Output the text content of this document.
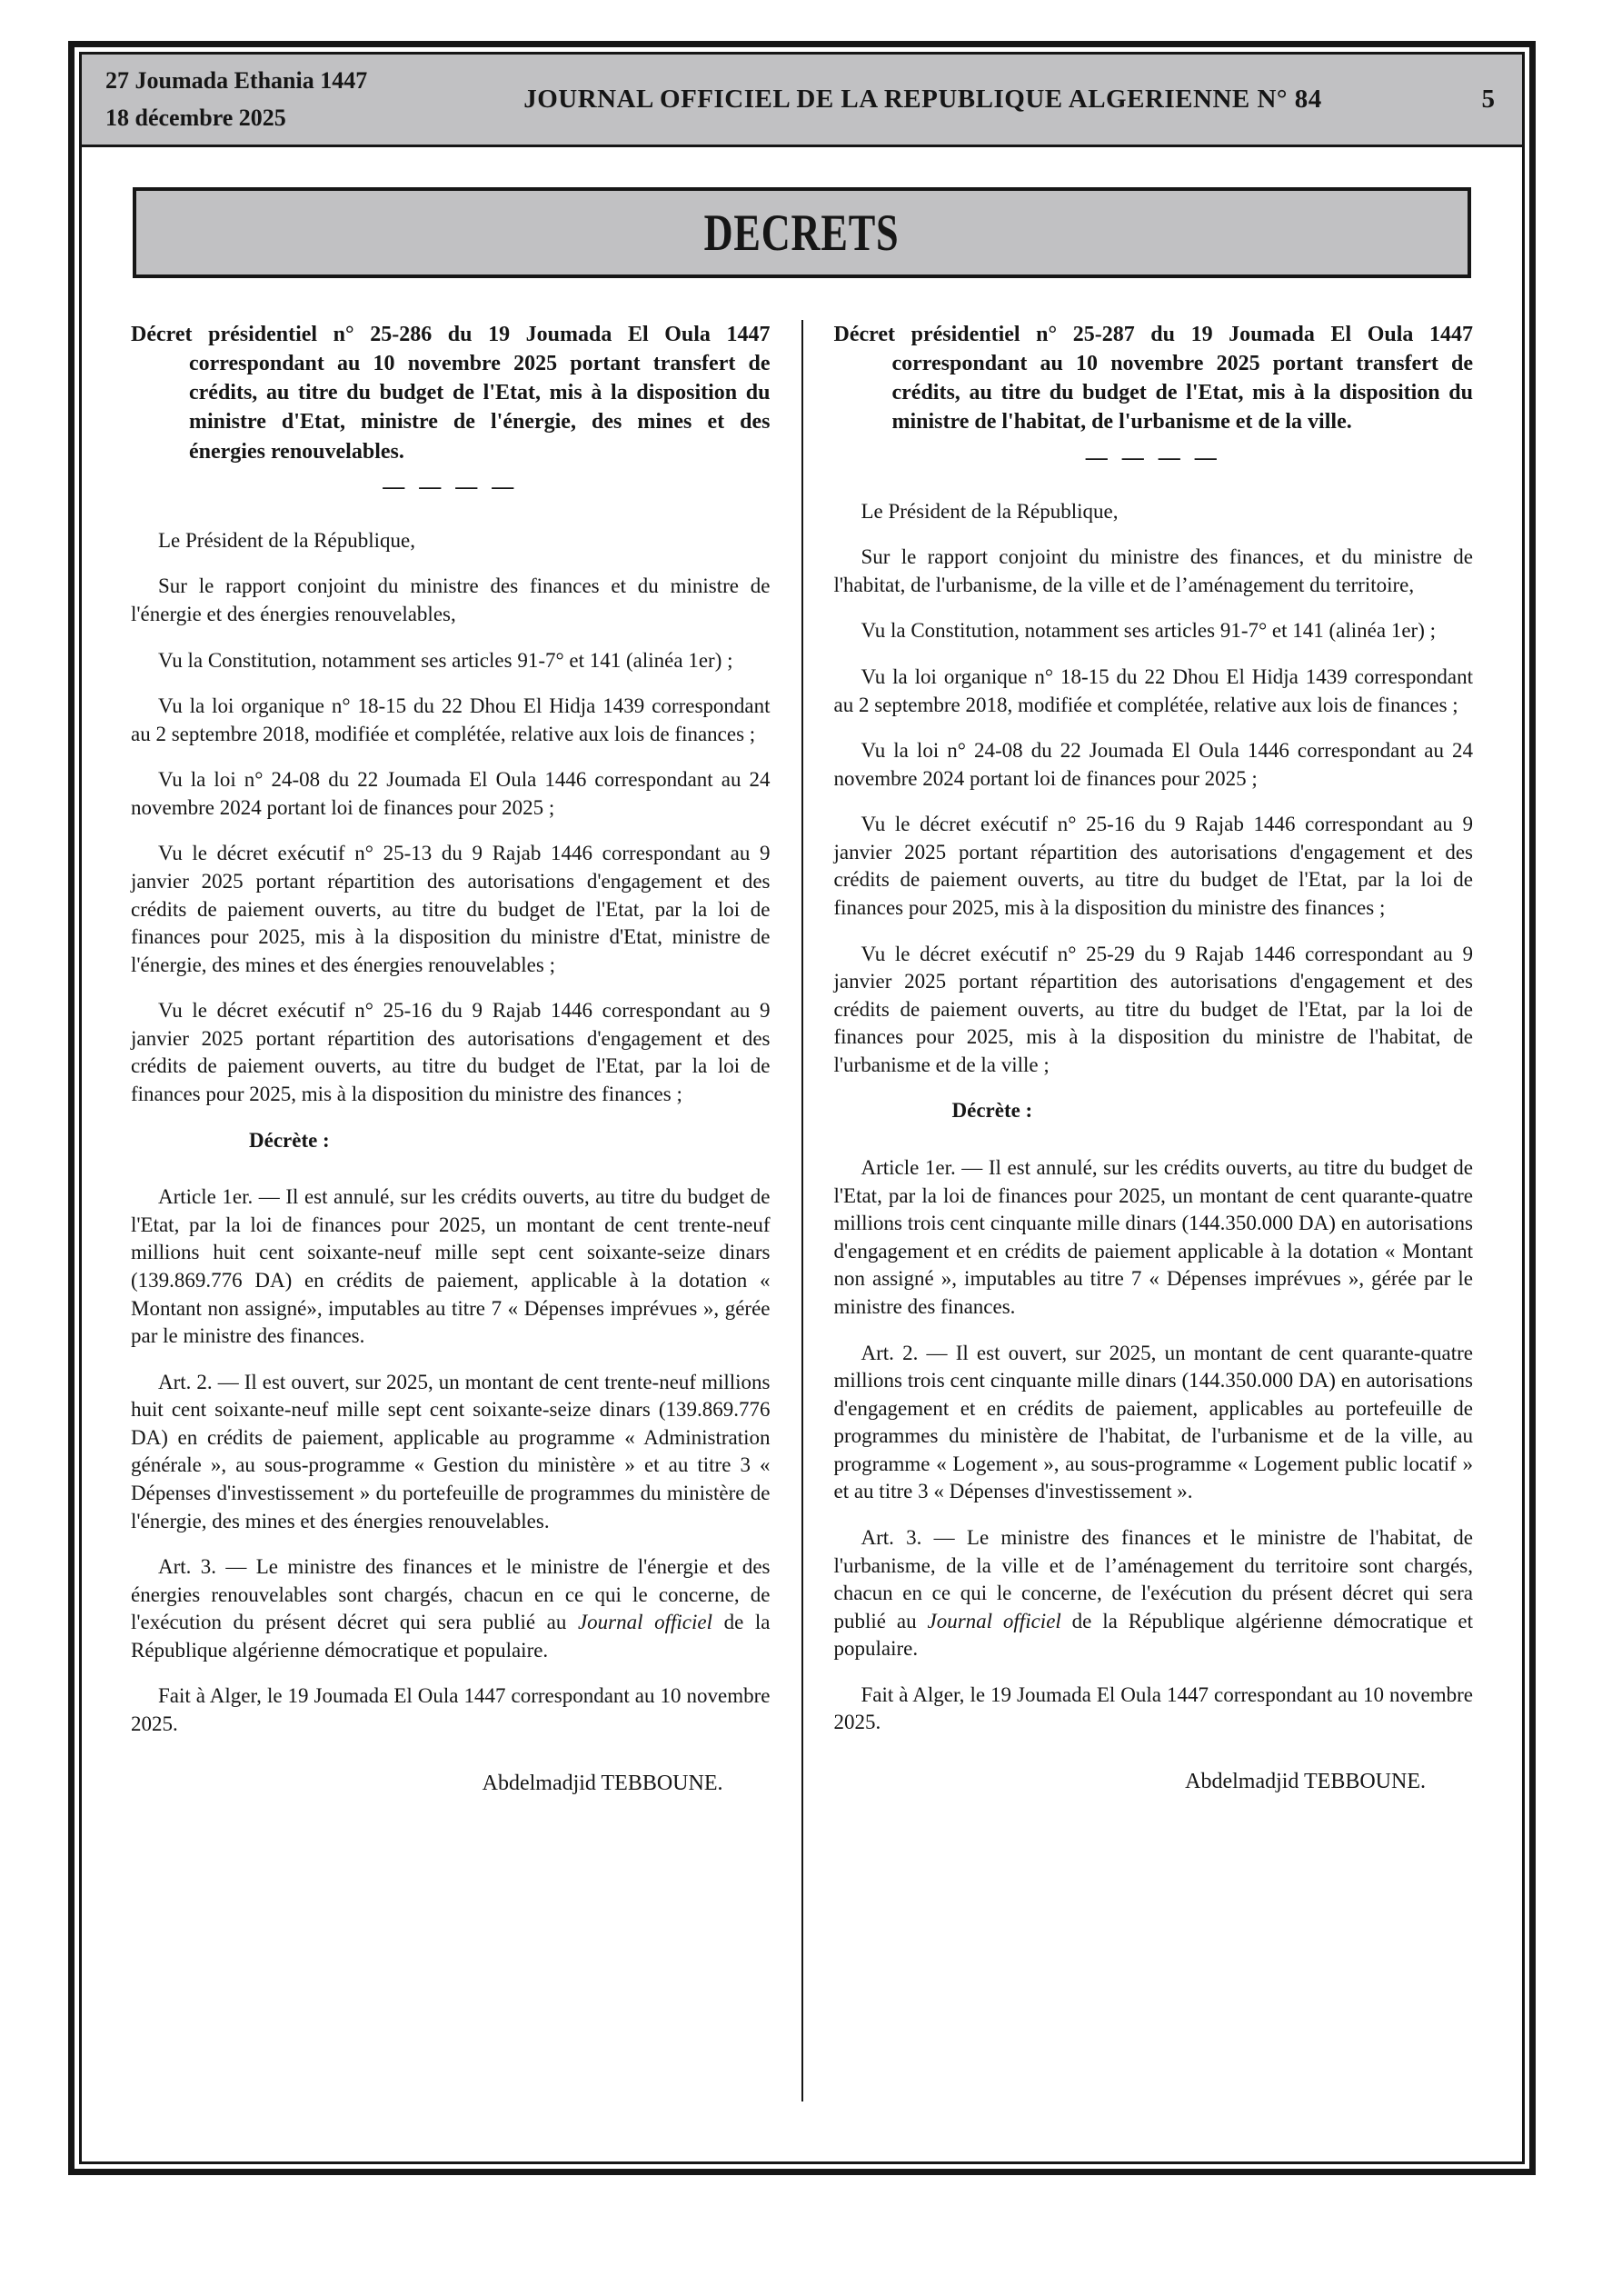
27 Joumada Ethania 1447
18 décembre 2025
JOURNAL OFFICIEL DE LA REPUBLIQUE ALGERIENNE N° 84	5
DECRETS
Décret présidentiel n° 25-286 du 19 Joumada El Oula 1447 correspondant au 10 novembre 2025 portant transfert de crédits, au titre du budget de l'Etat, mis à la disposition du ministre d'Etat, ministre de l'énergie, des mines et des énergies renouvelables.
— — — —

Le Président de la République,

Sur le rapport conjoint du ministre des finances et du ministre de l'énergie et des énergies renouvelables,

Vu la Constitution, notamment ses articles 91-7° et 141 (alinéa 1er) ;

Vu la loi organique n° 18-15 du 22 Dhou El Hidja 1439 correspondant au 2 septembre 2018, modifiée et complétée, relative aux lois de finances ;

Vu la loi n° 24-08 du 22 Joumada El Oula 1446 correspondant au 24 novembre 2024 portant loi de finances pour 2025 ;

Vu le décret exécutif n° 25-13 du 9 Rajab 1446 correspondant au 9 janvier 2025 portant répartition des autorisations d'engagement et des crédits de paiement ouverts, au titre du budget de l'Etat, par la loi de finances pour 2025, mis à la disposition du ministre d'Etat, ministre de l'énergie, des mines et des énergies renouvelables ;

Vu le décret exécutif n° 25-16 du 9 Rajab 1446 correspondant au 9 janvier 2025 portant répartition des autorisations d'engagement et des crédits de paiement ouverts, au titre du budget de l'Etat, par la loi de finances pour 2025, mis à la disposition du ministre des finances ;

Décrète :

Article 1er. — Il est annulé, sur les crédits ouverts, au titre du budget de l'Etat, par la loi de finances pour 2025, un montant de cent trente-neuf millions huit cent soixante-neuf mille sept cent soixante-seize dinars (139.869.776 DA) en crédits de paiement, applicable à la dotation « Montant non assigné», imputables au titre 7 « Dépenses imprévues », gérée par le ministre des finances.

Art. 2. — Il est ouvert, sur 2025, un montant de cent trente-neuf millions huit cent soixante-neuf mille sept cent soixante-seize dinars (139.869.776 DA) en crédits de paiement, applicable au programme « Administration générale », au sous-programme « Gestion du ministère » et au titre 3 « Dépenses d'investissement » du portefeuille de programmes du ministère de l'énergie, des mines et des énergies renouvelables.

Art. 3. — Le ministre des finances et le ministre de l'énergie et des énergies renouvelables sont chargés, chacun en ce qui le concerne, de l'exécution du présent décret qui sera publié au Journal officiel de la République algérienne démocratique et populaire.

Fait à Alger, le 19 Joumada El Oula 1447 correspondant au 10 novembre 2025.

Abdelmadjid TEBBOUNE.

Décret présidentiel n° 25-287 du 19 Joumada El Oula 1447 correspondant au 10 novembre 2025 portant transfert de crédits, au titre du budget de l'Etat, mis à la disposition du ministre de l'habitat, de l'urbanisme et de la ville.
— — — —

Le Président de la République,

Sur le rapport conjoint du ministre des finances, et du ministre de l'habitat, de l'urbanisme, de la ville et de l’aménagement du territoire,

Vu la Constitution, notamment ses articles 91-7° et 141 (alinéa 1er) ;

Vu la loi organique n° 18-15 du 22 Dhou El Hidja 1439 correspondant au 2 septembre 2018, modifiée et complétée, relative aux lois de finances ;

Vu la loi n° 24-08 du 22 Joumada El Oula 1446 correspondant au 24 novembre 2024 portant loi de finances pour 2025 ;

Vu le décret exécutif n° 25-16 du 9 Rajab 1446 correspondant au 9 janvier 2025 portant répartition des autorisations d'engagement et des crédits de paiement ouverts, au titre du budget de l'Etat, par la loi de finances pour 2025, mis à la disposition du ministre des finances ;

Vu le décret exécutif n° 25-29 du 9 Rajab 1446 correspondant au 9 janvier 2025 portant répartition des autorisations d'engagement et des crédits de paiement ouverts, au titre du budget de l'Etat, par la loi de finances pour 2025, mis à la disposition du ministre de l'habitat, de l'urbanisme et de la ville ;

Décrète :

Article 1er. — Il est annulé, sur les crédits ouverts, au titre du budget de l'Etat, par la loi de finances pour 2025, un montant de cent quarante-quatre millions trois cent cinquante mille dinars (144.350.000 DA) en autorisations d'engagement et en crédits de paiement applicable à la dotation « Montant non assigné », imputables au titre 7 « Dépenses imprévues », gérée par le ministre des finances.

Art. 2. — Il est ouvert, sur 2025, un montant de cent quarante-quatre millions trois cent cinquante mille dinars (144.350.000 DA) en autorisations d'engagement et en crédits de paiement, applicables au portefeuille de programmes du ministère de l'habitat, de l'urbanisme et de la ville, au programme « Logement », au sous-programme « Logement public locatif » et au titre 3 « Dépenses d'investissement ».

Art. 3. — Le ministre des finances et le ministre de l'habitat, de l'urbanisme, de la ville et de l’aménagement du territoire sont chargés, chacun en ce qui le concerne, de l'exécution du présent décret qui sera publié au Journal officiel de la République algérienne démocratique et populaire.

Fait à Alger, le 19 Joumada El Oula 1447 correspondant au 10 novembre 2025.

Abdelmadjid TEBBOUNE.
